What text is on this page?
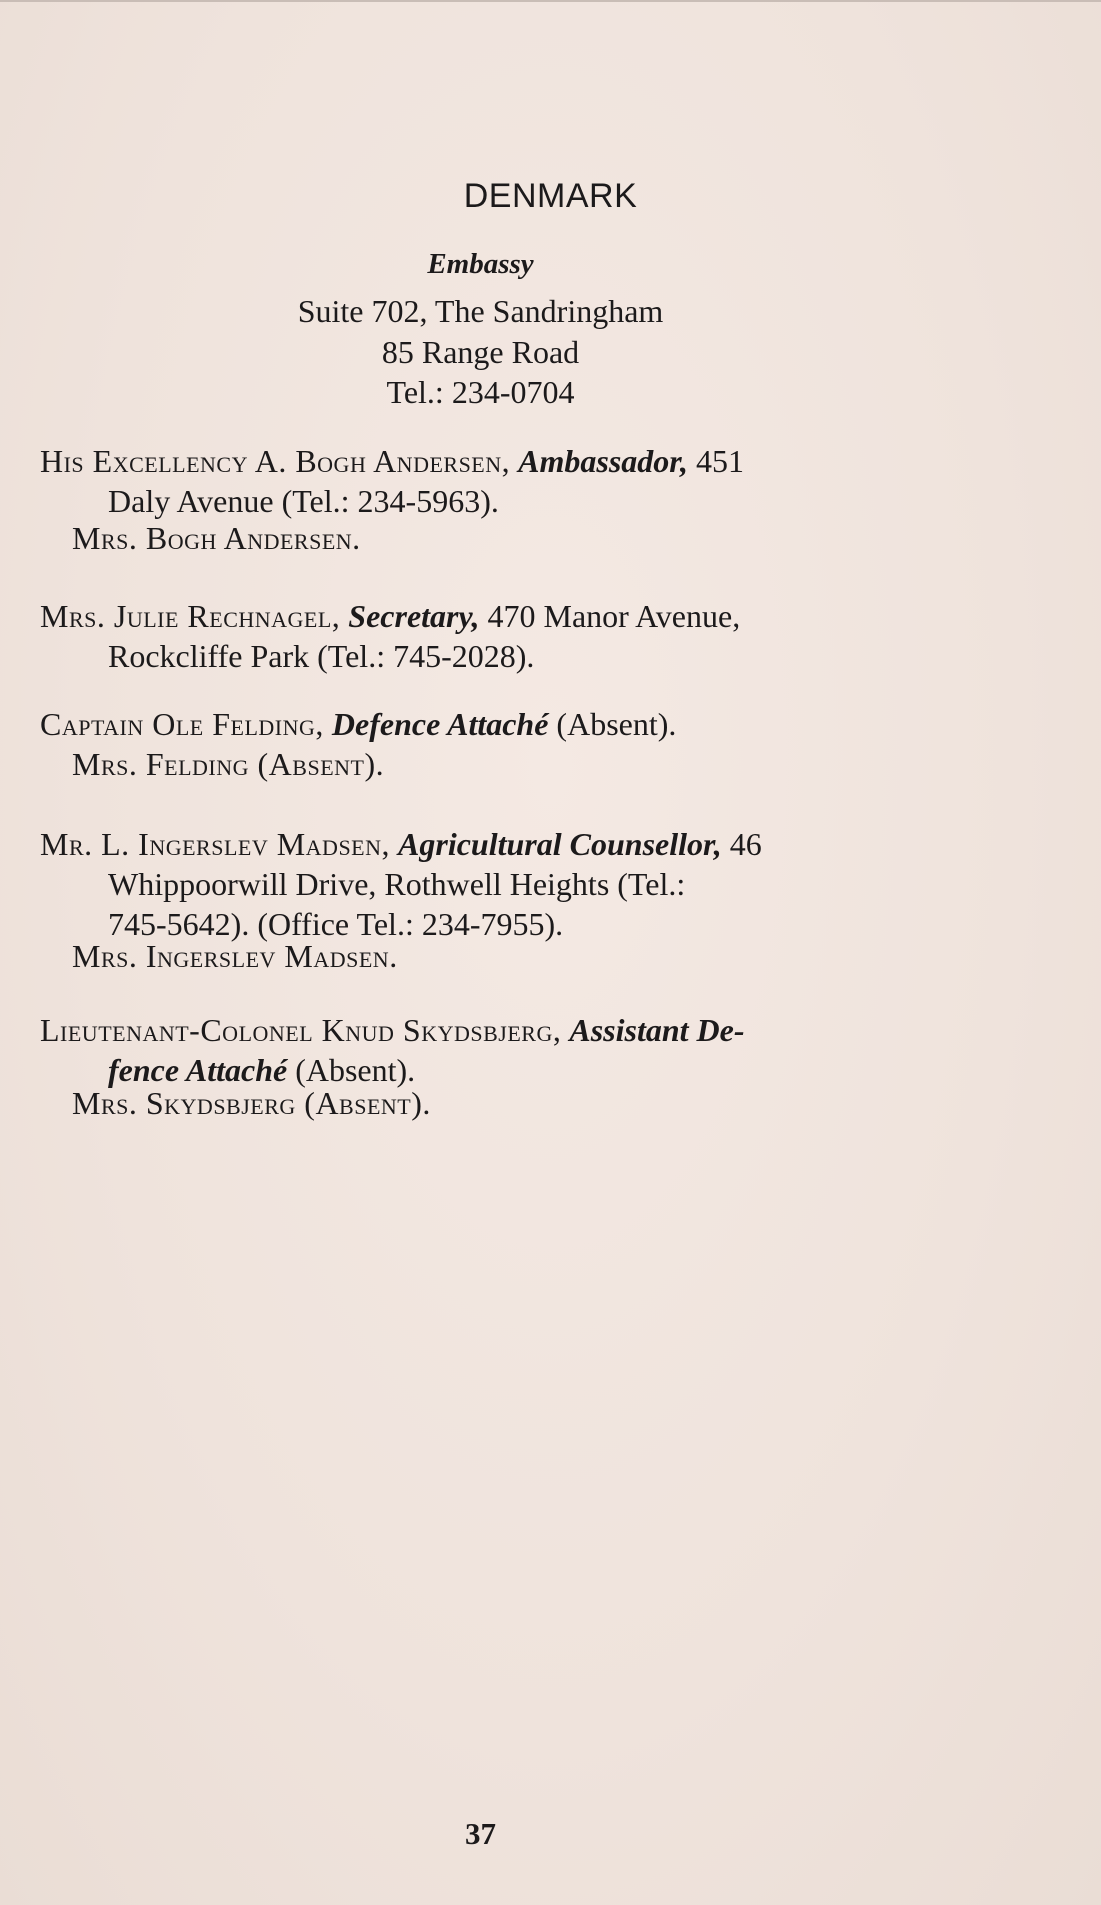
DENMARK
Embassy
Suite 702, The Sandringham
85 Range Road
Tel.: 234-0704
His Excellency A. Bogh Andersen, Ambassador, 451
Daly Avenue (Tel.: 234-5963).
Mrs. Bogh Andersen.
Mrs. Julie Rechnagel, Secretary, 470 Manor Avenue,
Rockcliffe Park (Tel.: 745-2028).
Captain Ole Felding, Defence Attaché (Absent).
Mrs. Felding (Absent).
Mr. L. Ingerslev Madsen, Agricultural Counsellor, 46
Whippoorwill Drive, Rothwell Heights (Tel.:
745-5642). (Office Tel.: 234-7955).
Mrs. Ingerslev Madsen.
Lieutenant-Colonel Knud Skydsbjerg, Assistant De-
fence Attaché (Absent).
Mrs. Skydsbjerg (Absent).
37
